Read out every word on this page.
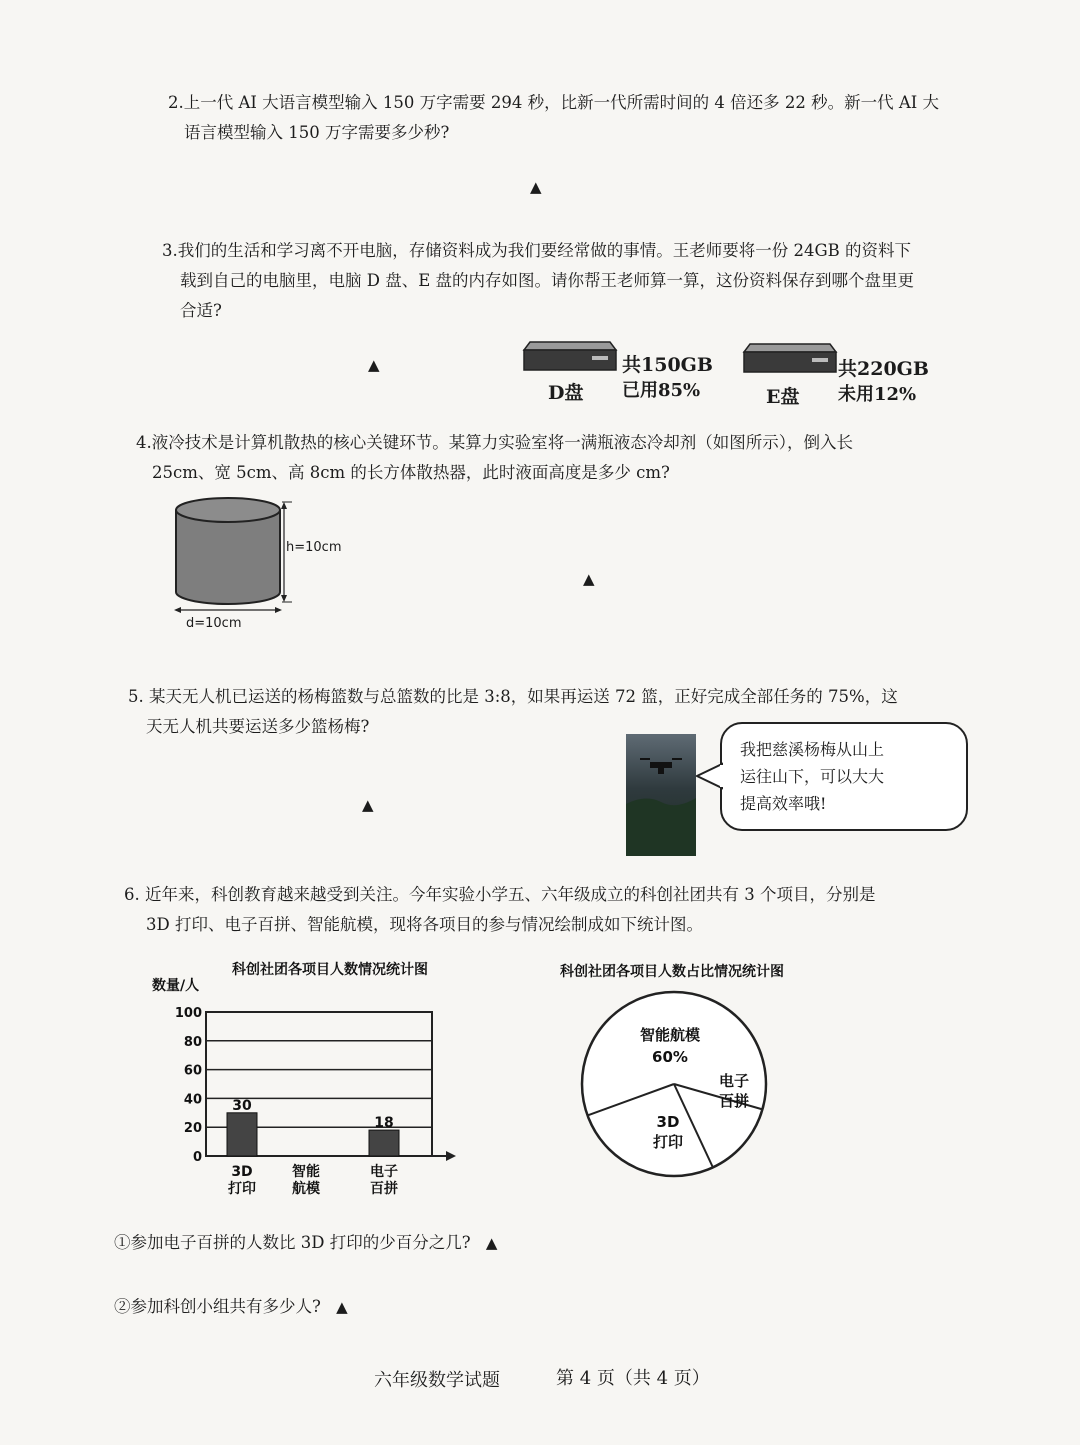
2.上一代 AI 大语言模型输入 150 万字需要 294 秒，比新一代所需时间的 4 倍还多 22 秒。新一代 AI 大
语言模型输入 150 万字需要多少秒?
▲
3.我们的生活和学习离不开电脑，存储资料成为我们要经常做的事情。王老师要将一份 24GB 的资料下
载到自己的电脑里，电脑 D 盘、E 盘的内存如图。请你帮王老师算一算，这份资料保存到哪个盘里更
合适?
▲
D盘
共150GB
已用85%	E盘
共220GB
未用12%
4.液冷技术是计算机散热的核心关键环节。某算力实验室将一满瓶液态冷却剂（如图所示），倒入长
25cm、宽 5cm、高 8cm 的长方体散热器，此时液面高度是多少 cm?
h=10cm
d=10cm
▲
5. 某天无人机已运送的杨梅篮数与总篮数的比是 3:8，如果再运送 72 篮，正好完成全部任务的 75%，这
天无人机共要运送多少篮杨梅?
▲
我把慈溪杨梅从山上
运往山下，可以大大
提高效率哦!
6. 近年来，科创教育越来越受到关注。今年实验小学五、六年级成立的科创社团共有 3 个项目，分别是
3D 打印、电子百拼、智能航模，现将各项目的参与情况绘制成如下统计图。
科创社团各项目人数情况统计图
数量/人
0
20
40
60
80
100
30
3D
打印
智能
航模
18
电子
百拼
科创社团各项目人数占比情况统计图
智能航模
60%
电子
百拼
3D
打印
①参加电子百拼的人数比 3D 打印的少百分之几? ▲
②参加科创小组共有多少人? ▲
六年级数学试题	第 4 页（共 4 页）
